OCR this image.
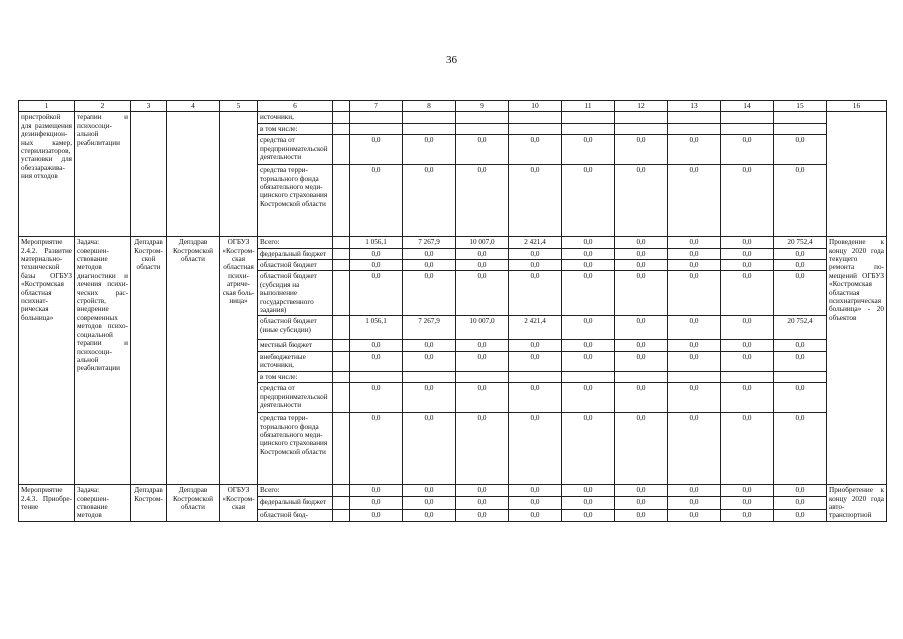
36
1	2	3	4	5	6		7	8	9	10	11	12	13	14	15	16
пристройкой для размещения дезинфекционных камер, стерилизаторов, установки для обеззараживания отходов	терапии и психосоциальной реабилитации				источники,											
					в том числе:											
					средства от предпринимательской деятельности		0,0	0,0	0,0	0,0	0,0	0,0	0,0	0,0	0,0	
					средства территориального фонда обязательного медицинского страхования Костромской области		0,0	0,0	0,0	0,0	0,0	0,0	0,0	0,0	0,0	
Мероприятие 2.4.2. Развитие материально-технической базы ОГБУЗ «Костромская областная психиатрическая больница»	Задача: совершенствование методов диагностики и лечения психических расстройств, внедрение современных методов психосоциальной терапии и психосоциальной реабилитации	Депздрав Костромской области	Депздрав Костромской области	ОГБУЗ «Костромская областная психиатрическая больница»	Всего:		1 056,1	7 267,9	10 007,0	2 421,4	0,0	0,0	0,0	0,0	20 752,4	Проведение к концу 2020 года текущего ремонта помещений ОГБУЗ «Костромская областная психиатрическая больница» - 20 объектов
					федеральный бюджет		0,0	0,0	0,0	0,0	0,0	0,0	0,0	0,0	0,0	
					областной бюджет		0,0	0,0	0,0	0,0	0,0	0,0	0,0	0,0	0,0	
					областной бюджет (субсидия на выполнение государственного задания)		0,0	0,0	0,0	0,0	0,0	0,0	0,0	0,0	0,0	
					областной бюджет (иные субсидии)		1 056,1	7 267,9	10 007,0	2 421,4	0,0	0,0	0,0	0,0	20 752,4	
					местный бюджет		0,0	0,0	0,0	0,0	0,0	0,0	0,0	0,0	0,0	
					внебюджетные источники,		0,0	0,0	0,0	0,0	0,0	0,0	0,0	0,0	0,0	
					в том числе:											
					средства от предпринимательской деятельности		0,0	0,0	0,0	0,0	0,0	0,0	0,0	0,0	0,0	
					средства территориального фонда обязательного медицинского страхования Костромской области		0,0	0,0	0,0	0,0	0,0	0,0	0,0	0,0	0,0	
Мероприятие 2.4.3. Приобретение	Задача: совершенствование методов	Депздрав Костром-	Депздрав Костромской области	ОГБУЗ «Костромская	Всего:		0,0	0,0	0,0	0,0	0,0	0,0	0,0	0,0	0,0	Приобретение к концу 2020 года автотранспортной
					федеральный бюджет		0,0	0,0	0,0	0,0	0,0	0,0	0,0	0,0	0,0	
					областной бюд-		0,0	0,0	0,0	0,0	0,0	0,0	0,0	0,0	0,0	
